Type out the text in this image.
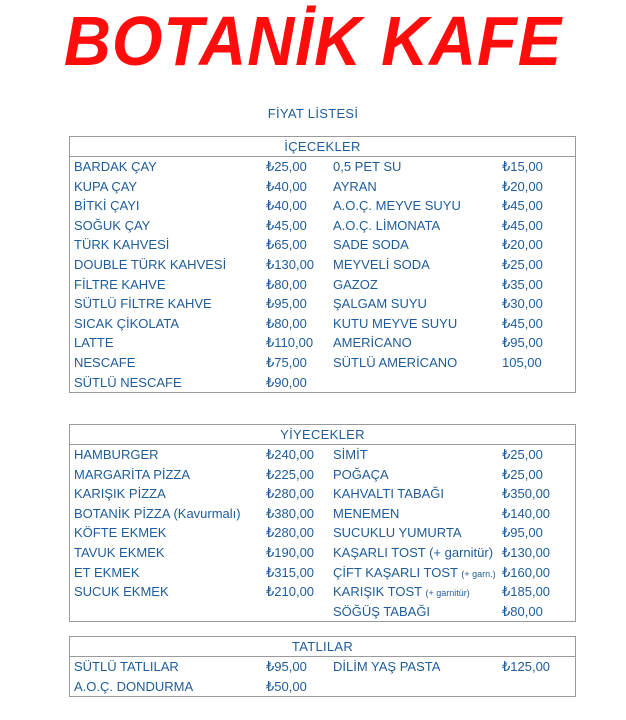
BOTANİK KAFE
FİYAT LİSTESİ
İÇECEKLER
BARDAK ÇAY	₺25,00 0,5 PET SU	₺15,00
KUPA ÇAY	₺40,00 AYRAN	₺20,00
BİTKİ ÇAYI	₺40,00 A.O.Ç. MEYVE SUYU	₺45,00
SOĞUK ÇAY	₺45,00 A.O.Ç. LİMONATA	₺45,00
TÜRK KAHVESİ	₺65,00 SADE SODA	₺20,00
DOUBLE TÜRK KAHVESİ	₺130,00 MEYVELİ SODA	₺25,00
FİLTRE KAHVE	₺80,00 GAZOZ	₺35,00
SÜTLÜ FİLTRE KAHVE	₺95,00 ŞALGAM SUYU	₺30,00
SICAK ÇİKOLATA	₺80,00 KUTU MEYVE SUYU	₺45,00
LATTE	₺110,00 AMERİCANO	₺95,00
NESCAFE	₺75,00 SÜTLÜ AMERİCANO	105,00
SÜTLÜ NESCAFE	₺90,00
YİYECEKLER
HAMBURGER	₺240,00 SİMİT	₺25,00
MARGARİTA PİZZA	₺225,00 POĞAÇA	₺25,00
KARIŞIK PİZZA	₺280,00 KAHVALTI TABAĞI	₺350,00
BOTANİK PİZZA (Kavurmalı) ₺380,00 MENEMEN	₺140,00
KÖFTE EKMEK	₺280,00 SUCUKLU YUMURTA	₺95,00
TAVUK EKMEK	₺190,00 KAŞARLI TOST (+ garnitür) ₺130,00
ET EKMEK	₺315,00 ÇİFT KAŞARLI TOST (+ garn.) ₺160,00
SUCUK EKMEK	₺210,00 KARIŞIK TOST (+ garnitür) ₺185,00
SÖĞÜŞ TABAĞI	₺80,00
TATLILAR
SÜTLÜ TATLILAR	₺95,00 DİLİM YAŞ PASTA	₺125,00
A.O.Ç. DONDURMA	₺50,00
